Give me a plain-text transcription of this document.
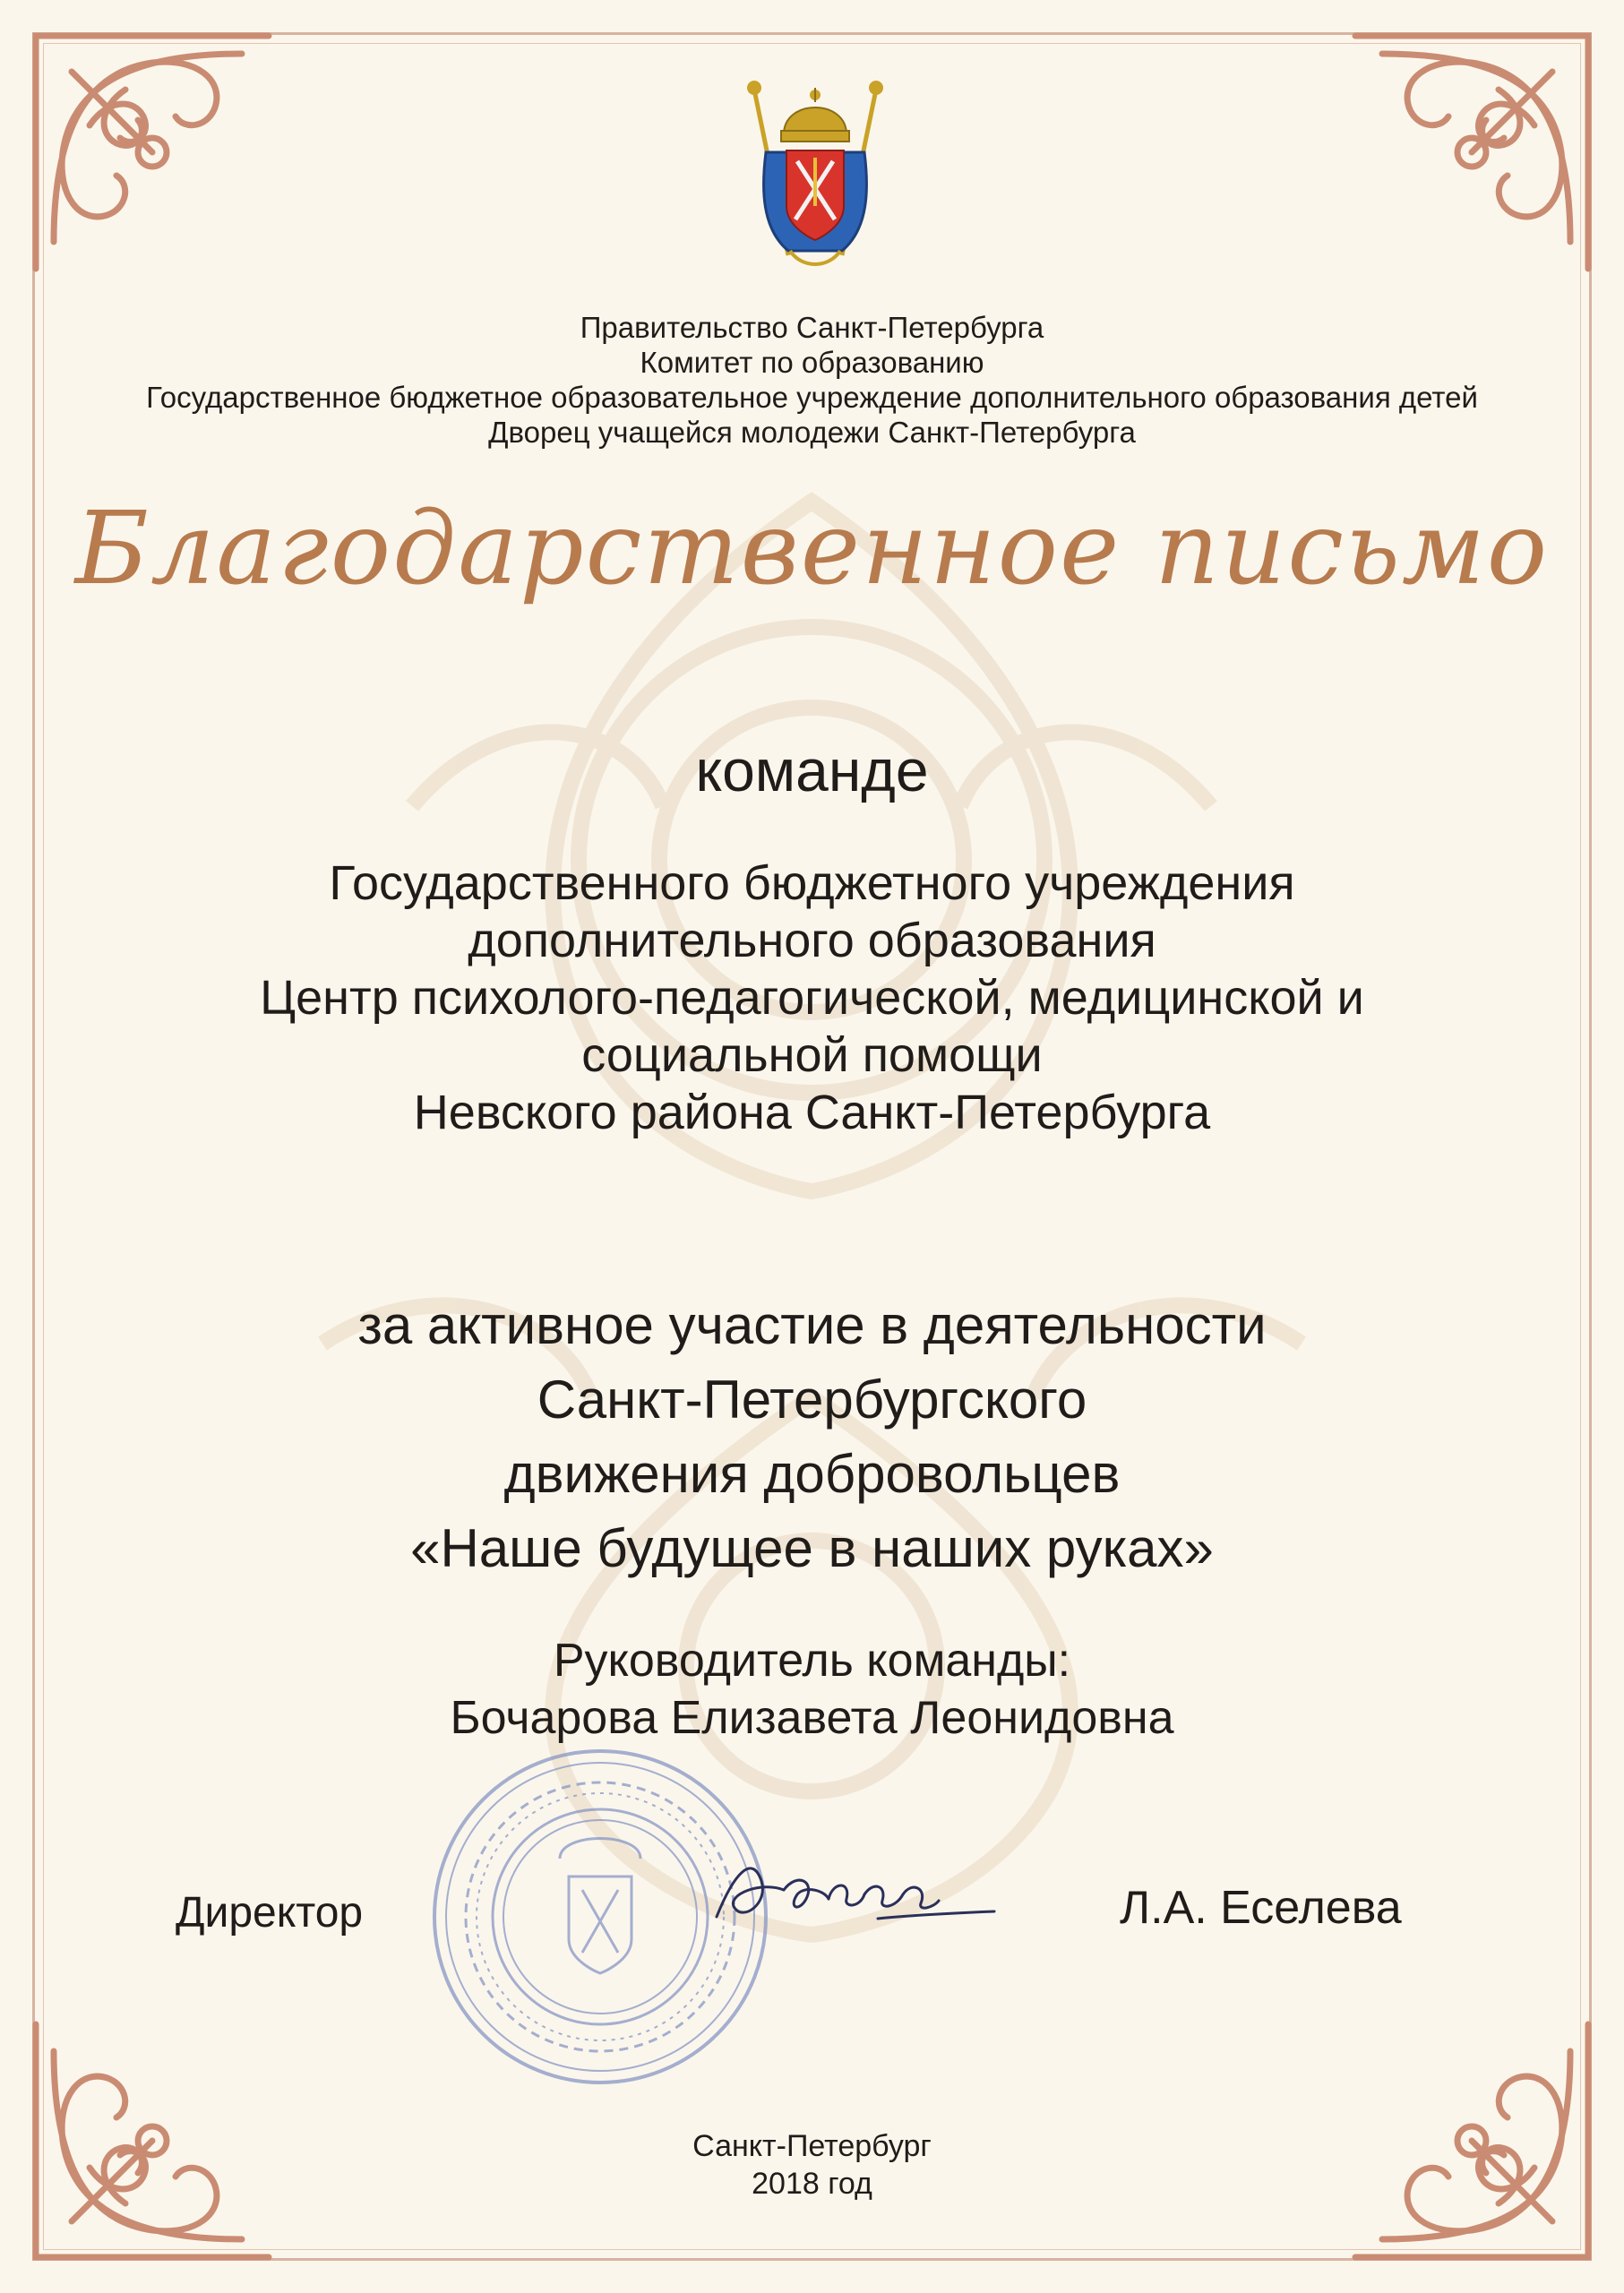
Правительство Санкт-Петербурга
Комитет по образованию
Государственное бюджетное образовательное учреждение дополнительного образования детей
Дворец учащейся молодежи Санкт-Петербурга
Благодарственное письмо
команде
Государственного бюджетного учреждения
дополнительного образования
Центр психолого-педагогической, медицинской и
социальной помощи
Невского района Санкт-Петербурга
за активное участие в деятельности
Санкт-Петербургского
движения добровольцев
«Наше будущее в наших руках»
Руководитель команды:
Бочарова Елизавета Леонидовна
Директор	Л.А. Еселева
Санкт-Петербург
2018 год
